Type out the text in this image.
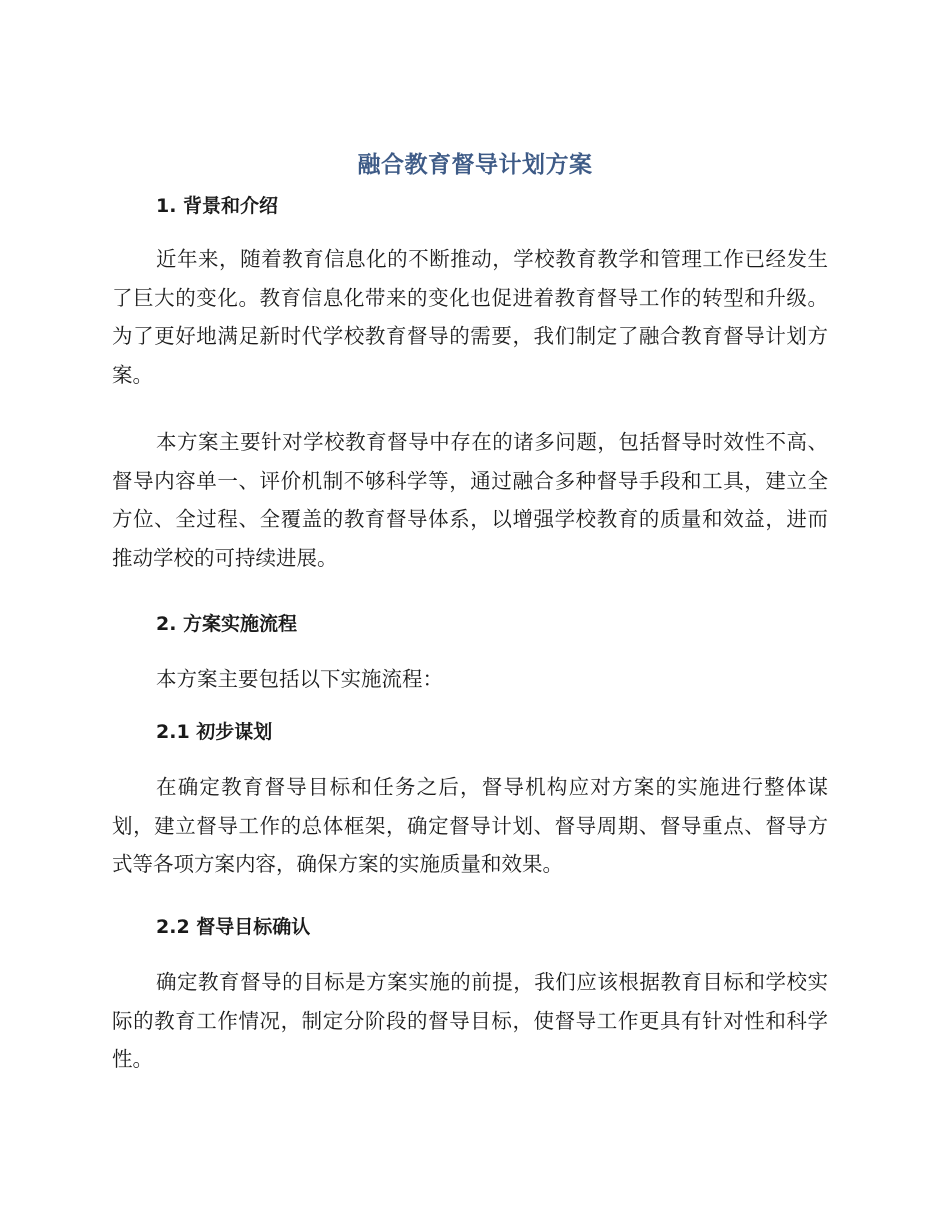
融合教育督导计划方案
1. 背景和介绍

近年来，随着教育信息化的不断推动，学校教育教学和管理工作已经发生了巨大的变化。教育信息化带来的变化也促进着教育督导工作的转型和升级。为了更好地满足新时代学校教育督导的需要，我们制定了融合教育督导计划方案。

本方案主要针对学校教育督导中存在的诸多问题，包括督导时效性不高、督导内容单一、评价机制不够科学等，通过融合多种督导手段和工具，建立全方位、全过程、全覆盖的教育督导体系，以增强学校教育的质量和效益，进而推动学校的可持续进展。

2. 方案实施流程

本方案主要包括以下实施流程：

2.1 初步谋划

在确定教育督导目标和任务之后，督导机构应对方案的实施进行整体谋划，建立督导工作的总体框架，确定督导计划、督导周期、督导重点、督导方式等各项方案内容，确保方案的实施质量和效果。

2.2 督导目标确认

确定教育督导的目标是方案实施的前提，我们应该根据教育目标和学校实际的教育工作情况，制定分阶段的督导目标，使督导工作更具有针对性和科学性。
